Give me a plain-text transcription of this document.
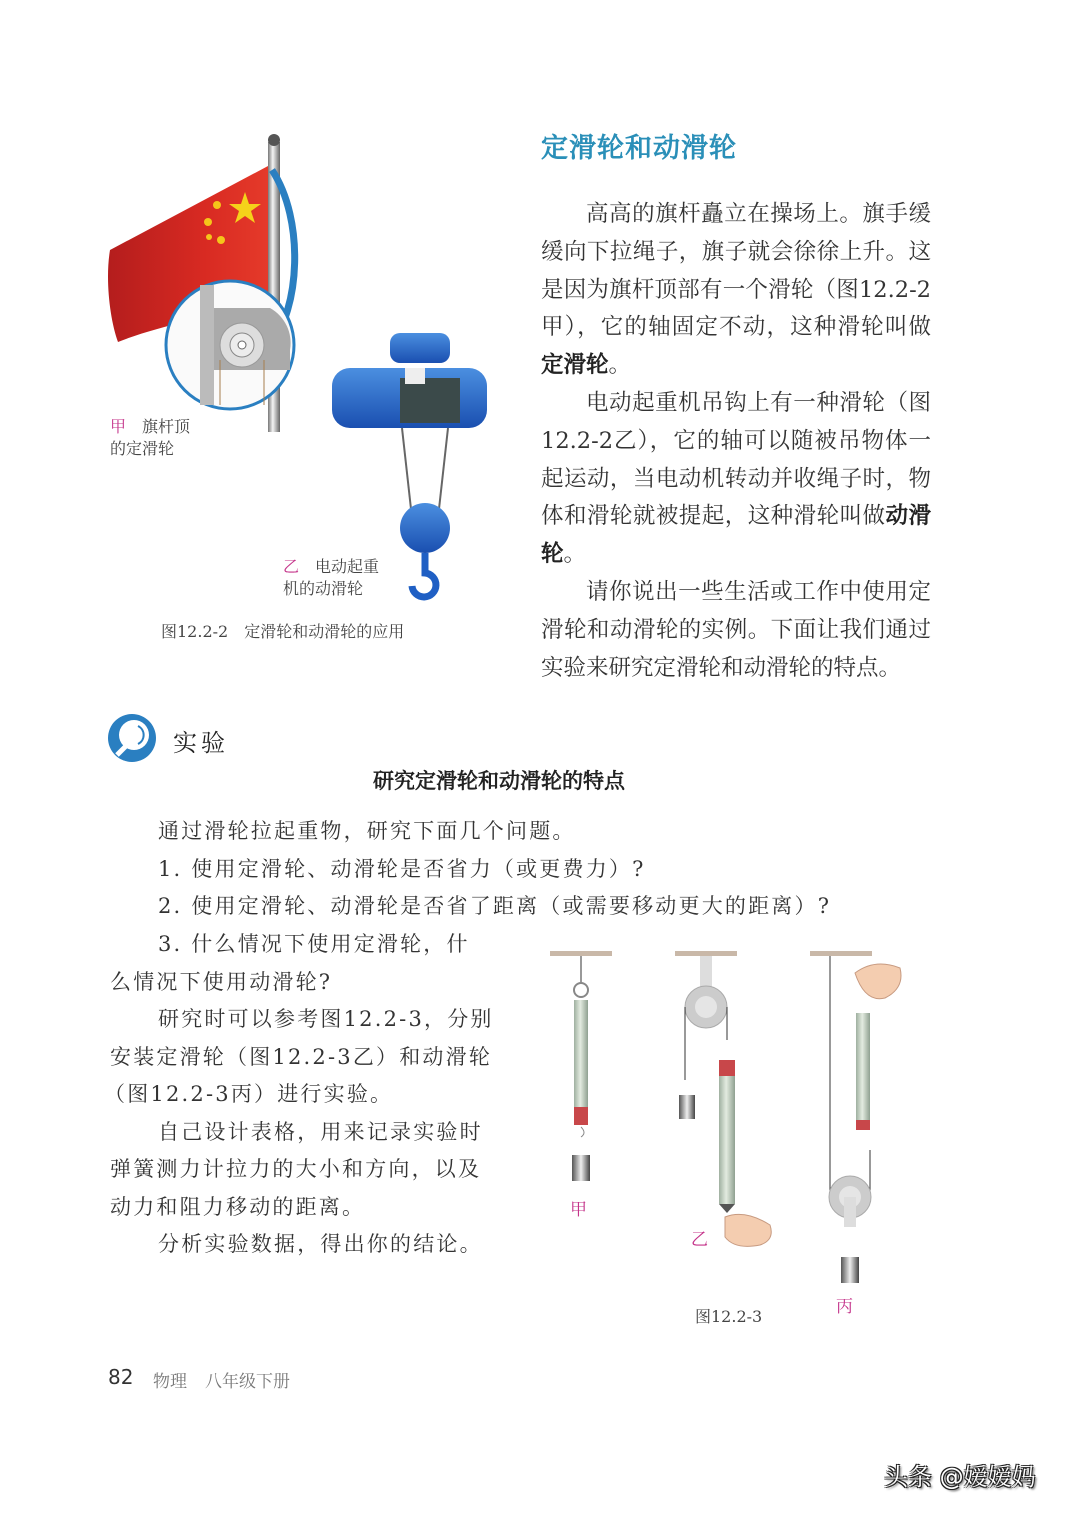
定滑轮和动滑轮

高高的旗杆矗立在操场上。旗手缓缓向下拉绳子，旗子就会徐徐上升。这是因为旗杆顶部有一个滑轮（图12.2-2甲），它的轴固定不动，这种滑轮叫做定滑轮。

电动起重机吊钩上有一种滑轮（图12.2-2乙），它的轴可以随被吊物体一起运动，当电动机转动并收绳子时，物体和滑轮就被提起，这种滑轮叫做动滑轮。

请你说出一些生活或工作中使用定滑轮和动滑轮的实例。下面让我们通过实验来研究定滑轮和动滑轮的特点。

甲 旗杆顶
的定滑轮
乙 电动起重
机的动滑轮
图12.2-2　定滑轮和动滑轮的应用
实验
研究定滑轮和动滑轮的特点

通过滑轮拉起重物，研究下面几个问题。

1. 使用定滑轮、动滑轮是否省力（或更费力）?

2. 使用定滑轮、动滑轮是否省了距离（或需要移动更大的距离）?

3. 什么情况下使用定滑轮，什

么情况下使用动滑轮?

研究时可以参考图12.2-3，分别

安装定滑轮（图12.2-3乙）和动滑轮

（图12.2-3丙）进行实验。

自己设计表格，用来记录实验时

弹簧测力计拉力的大小和方向，以及

动力和阻力移动的距离。

分析实验数据，得出你的结论。

甲
乙
丙
图12.2-3
82 物理 八年级下册
头条 @嫒嫒妈
